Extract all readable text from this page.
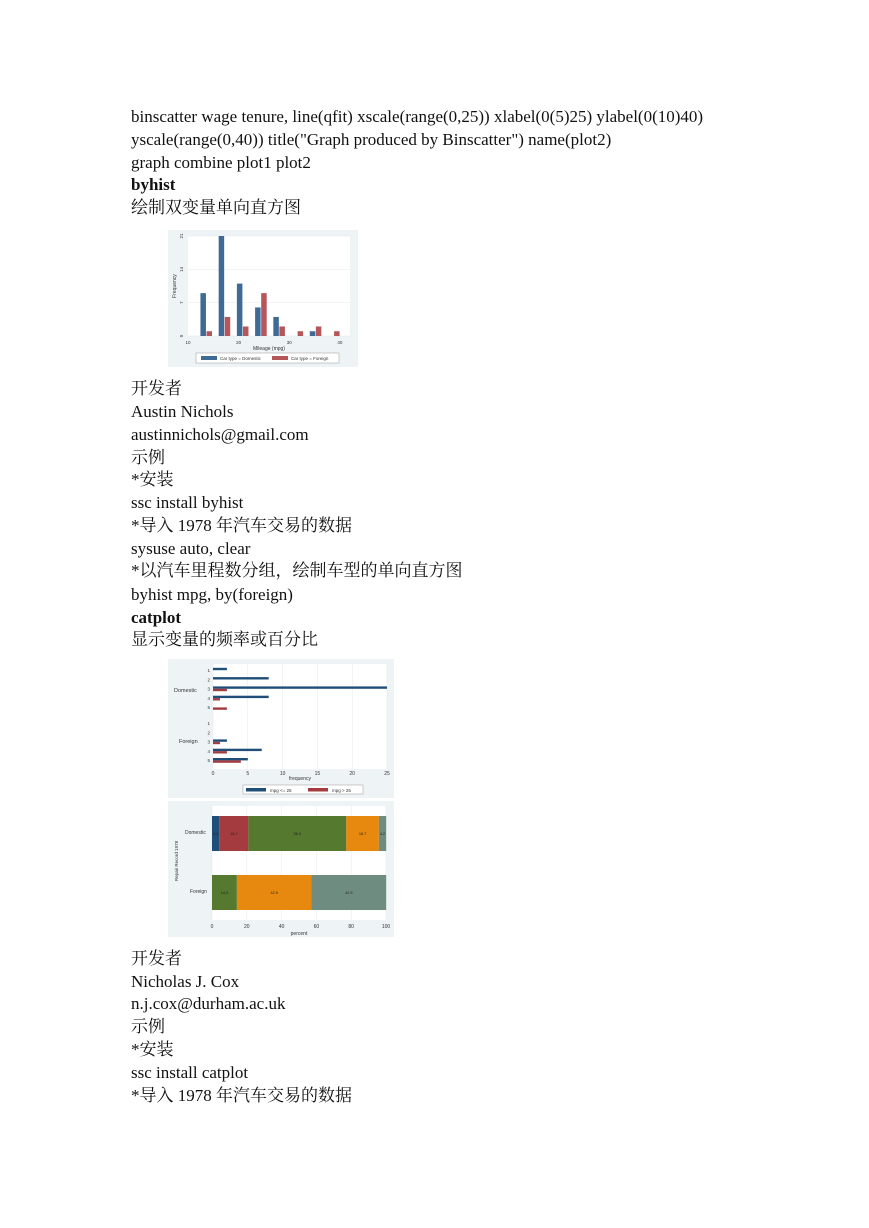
binscatter wage tenure, line(qfit) xscale(range(0,25)) xlabel(0(5)25) ylabel(0(10)40)
yscale(range(0,40)) title("Graph produced by Binscatter") name(plot2)
graph combine plot1 plot2
byhist
绘制双变量单向直方图
10	20	30	40
0
7
14
21
Mileage (mpg)
Frequency
Car type = Domestic	Car type = Foreign
开发者
Austin Nichols
austinnichols@gmail.com
示例
*安装
ssc install byhist
*导入 1978 年汽车交易的数据
sysuse auto, clear
*以汽车里程数分组，绘制车型的单向直方图
byhist mpg, by(foreign)
catplot
显示变量的频率或百分比
1
2
3
4
5
1
2
3
4
5
0	5	10	15	20	25
Domestic
Foreign
frequency
mpg <= 25	mpg > 25
4.2	16.7	56.3	18.7	4.2
14.3	42.9	42.9
0	20	40	60	80	100
Domestic
Foreign
Repair Record 1978
percent
开发者
Nicholas J. Cox
n.j.cox@durham.ac.uk
示例
*安装
ssc install catplot
*导入 1978 年汽车交易的数据
